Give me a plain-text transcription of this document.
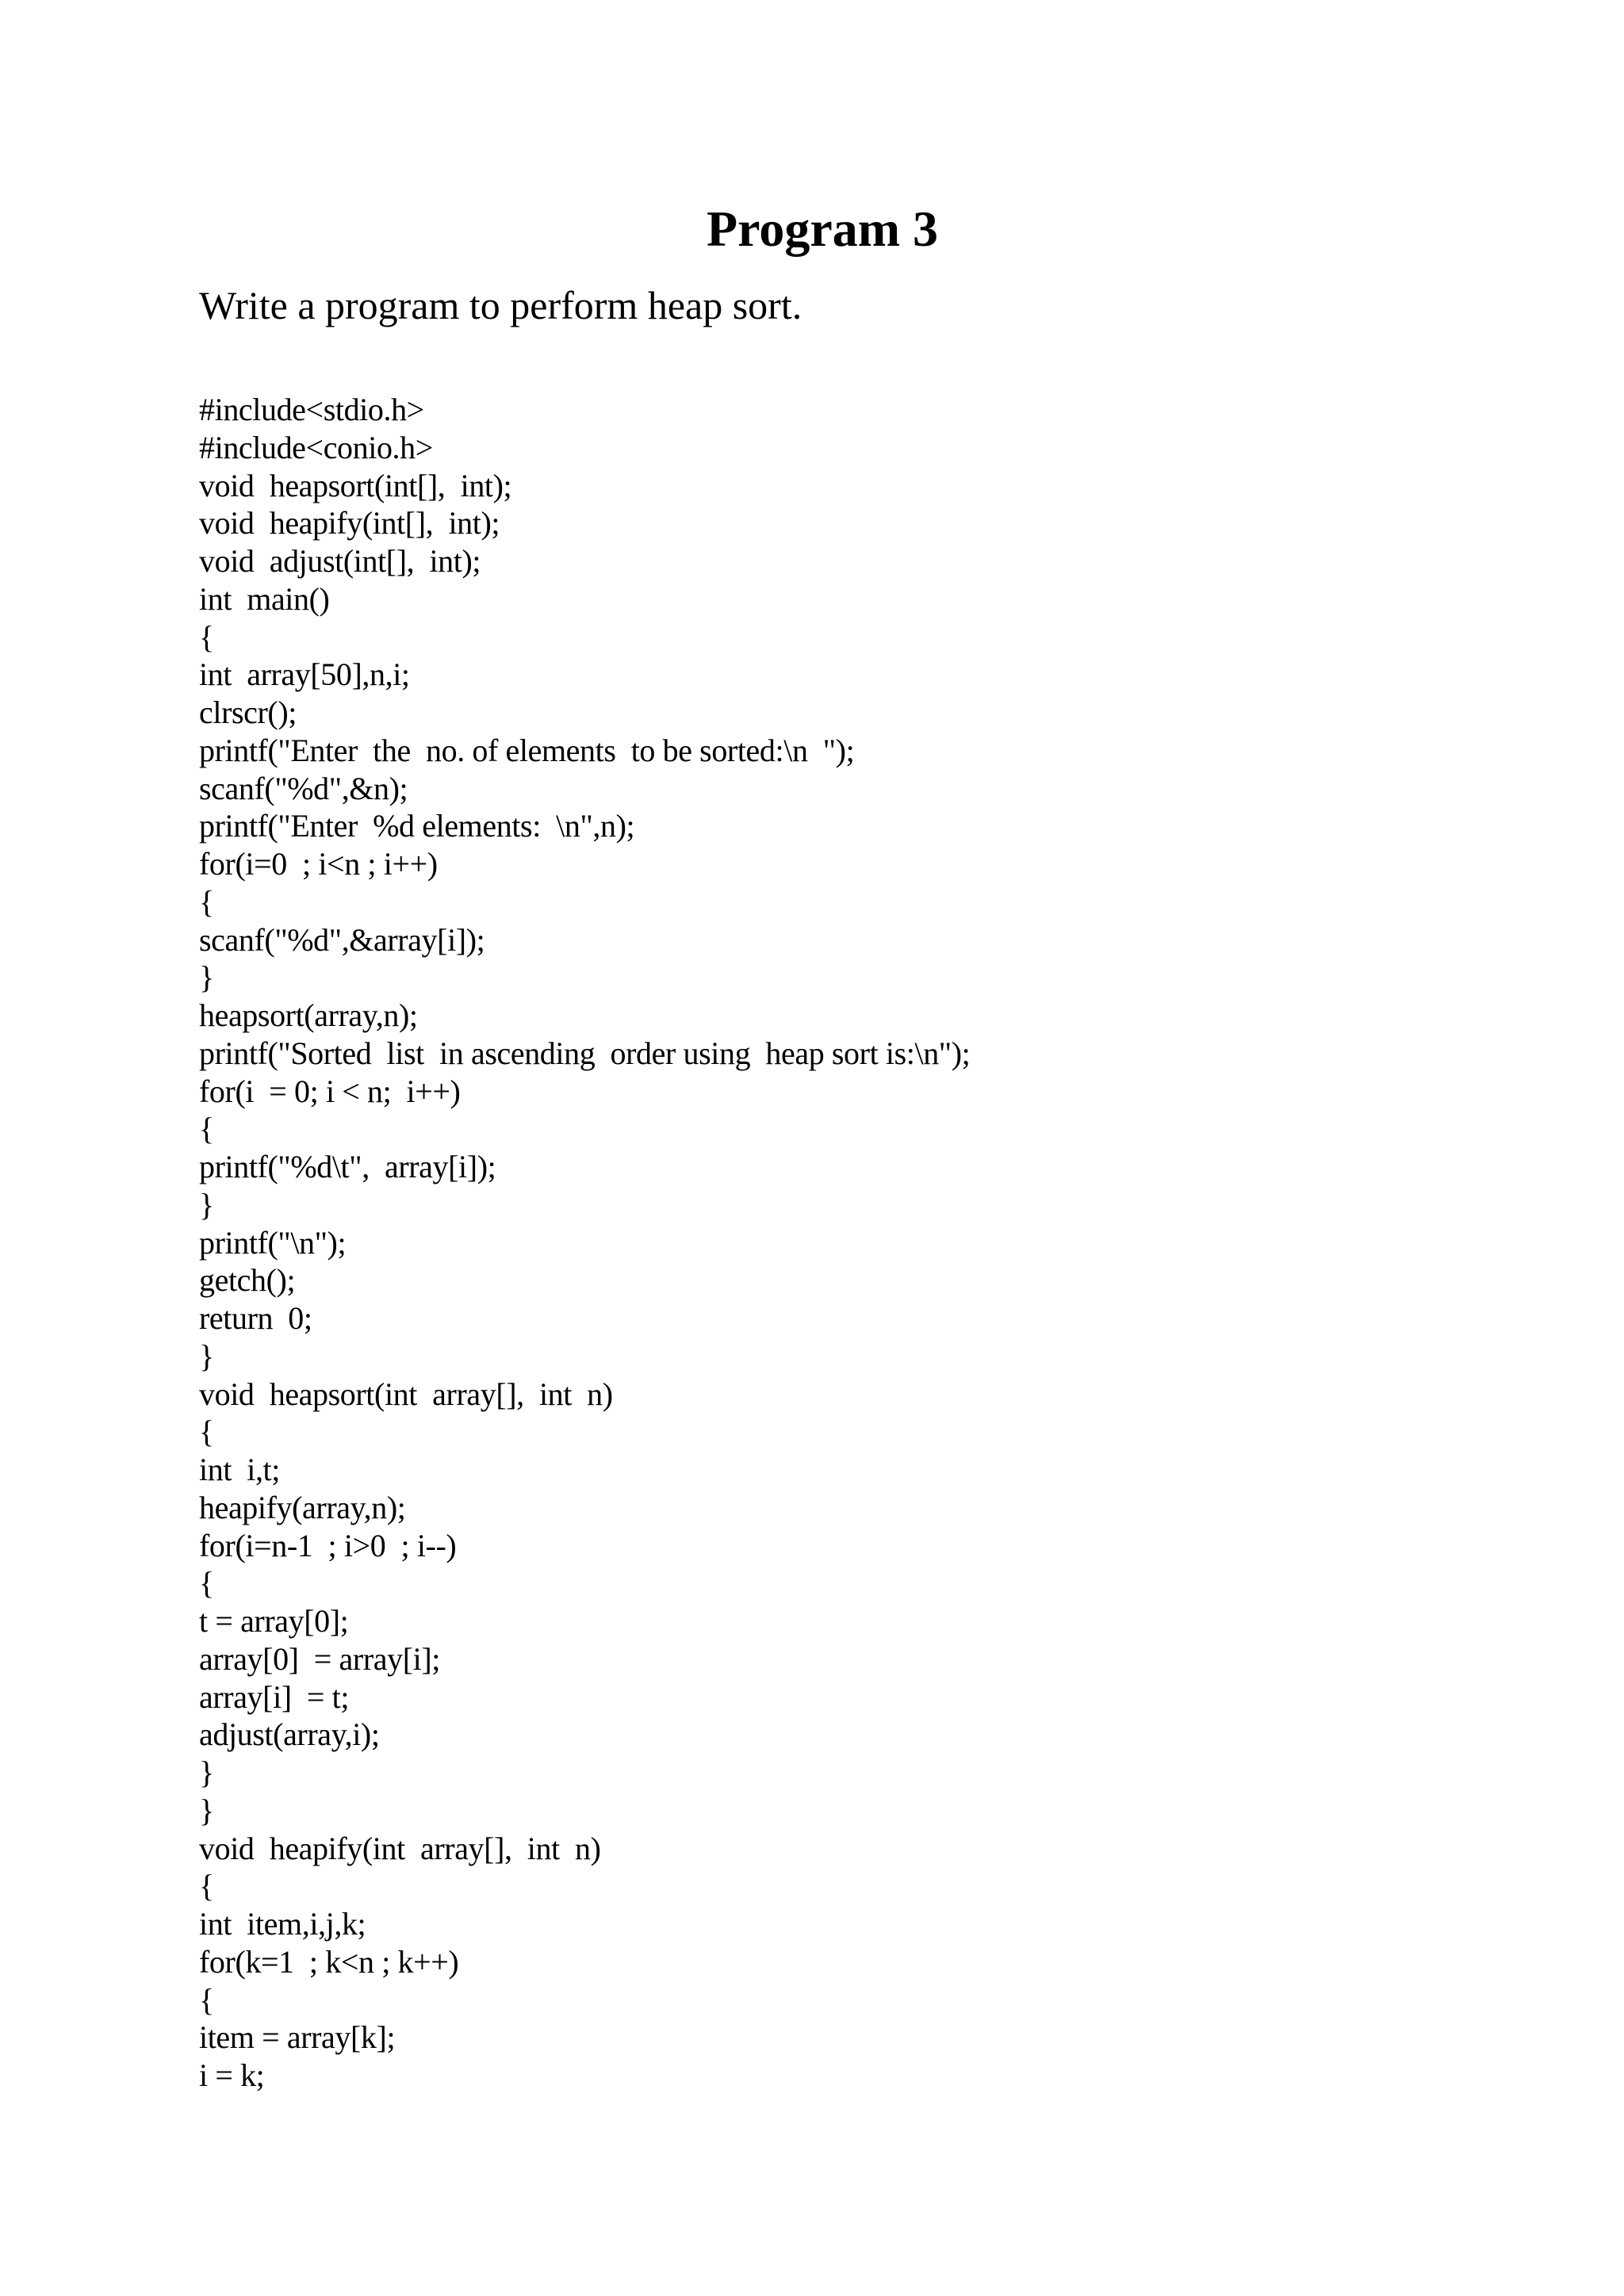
Program 3

Write a program to perform heap sort.

#include<stdio.h>
#include<conio.h>
void  heapsort(int[],  int);
void  heapify(int[],  int);
void  adjust(int[],  int);
int  main()
{
int  array[50],n,i;
clrscr();
printf("Enter  the  no. of elements  to be sorted:\n  ");
scanf("%d",&n);
printf("Enter  %d elements:  \n",n);
for(i=0  ; i<n ; i++)
{
scanf("%d",&array[i]);
}
heapsort(array,n);
printf("Sorted  list  in ascending  order using  heap sort is:\n");
for(i  = 0; i < n;  i++)
{
printf("%d\t",  array[i]);
}
printf("\n");
getch();
return  0;
}
void  heapsort(int  array[],  int  n)
{
int  i,t;
heapify(array,n);
for(i=n-1  ; i>0  ; i--)
{
t = array[0];
array[0]  = array[i];
array[i]  = t;
adjust(array,i);
}
}
void  heapify(int  array[],  int  n)
{
int  item,i,j,k;
for(k=1  ; k<n ; k++)
{
item = array[k];
i = k;
